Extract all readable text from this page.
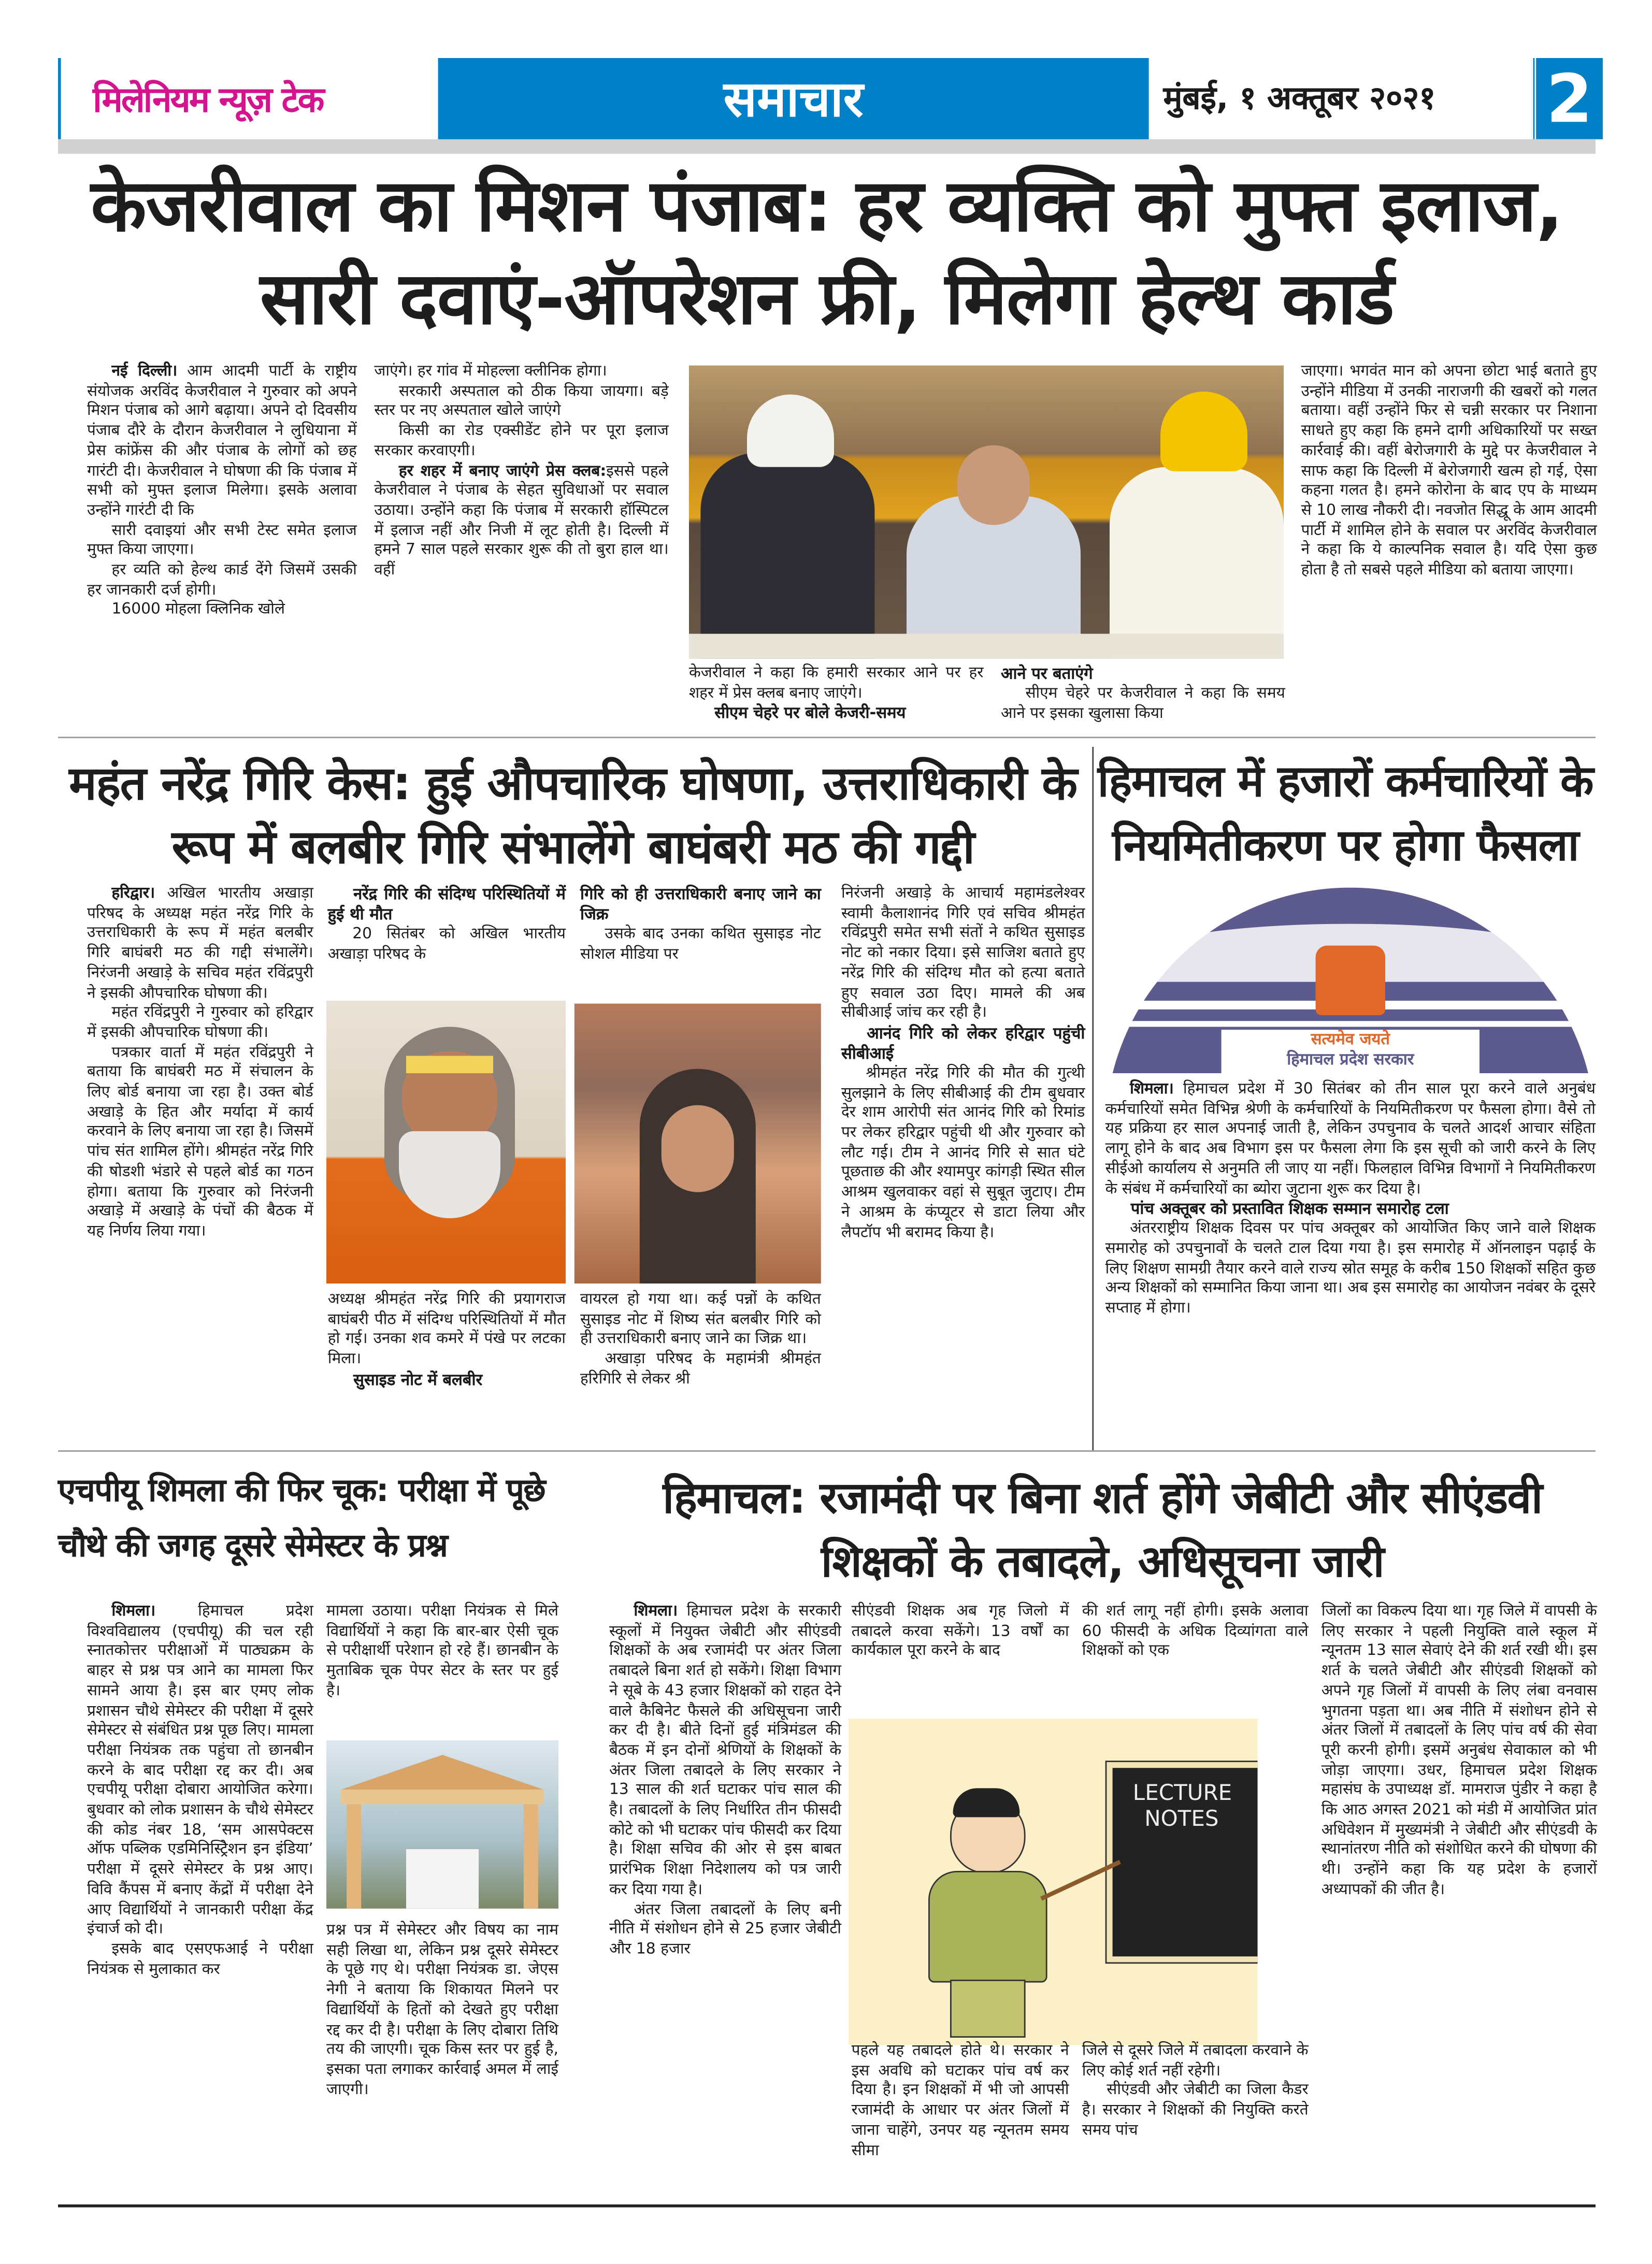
मिलेनियम न्यूज़ टेक	समाचार	मुंबई, १ अक्तूबर २०२१	2
केजरीवाल का मिशन पंजाब: हर व्यक्ति को मुफ्त इलाज,
सारी दवाएं-ऑपरेशन फ्री, मिलेगा हेल्थ कार्ड

नई दिल्ली। आम आदमी पार्टी के राष्ट्रीय संयोजक अरविंद केजरीवाल ने गुरुवार को अपने मिशन पंजाब को आगे बढ़ाया। अपने दो दिवसीय पंजाब दौरे के दौरान केजरीवाल ने लुधियाना में प्रेस कांफ्रेंस की और पंजाब के लोगों को छह गारंटी दी। केजरीवाल ने घोषणा की कि पंजाब में सभी को मुफ्त इलाज मिलेगा। इसके अलावा उन्होंने गारंटी दी कि

सारी दवाइयां और सभी टेस्ट समेत इलाज मुफ्त किया जाएगा।

हर व्यति को हेल्थ कार्ड देंगे जिसमें उसकी हर जानकारी दर्ज होगी।

16000 मोहला क्लिनिक खोले

जाएंगे। हर गांव में मोहल्ला क्लीनिक होगा।

सरकारी अस्पताल को ठीक किया जायगा। बड़े स्तर पर नए अस्पताल खोले जाएंगे

किसी का रोड एक्सीडेंट होने पर पूरा इलाज सरकार करवाएगी।

हर शहर में बनाए जाएंगे प्रेस क्लब:इससे पहले केजरीवाल ने पंजाब के सेहत सुविधाओं पर सवाल उठाया। उन्होंने कहा कि पंजाब में सरकारी हॉस्पिटल में इलाज नहीं और निजी में लूट होती है। दिल्ली में हमने 7 साल पहले सरकार शुरू की तो बुरा हाल था। वहीं

केजरीवाल ने कहा कि हमारी सरकार आने पर हर शहर में प्रेस क्लब बनाए जाएंगे।

सीएम चेहरे पर बोले केजरी-समय
आने पर बताएंगे

सीएम चेहरे पर केजरीवाल ने कहा कि समय आने पर इसका खुलासा किया

जाएगा। भगवंत मान को अपना छोटा भाई बताते हुए उन्होंने मीडिया में उनकी नाराजगी की खबरों को गलत बताया। वहीं उन्होंने फिर से चन्नी सरकार पर निशाना साधते हुए कहा कि हमने दागी अधिकारियों पर सख्त कार्रवाई की। वहीं बेरोजगारी के मुद्दे पर केजरीवाल ने साफ कहा कि दिल्ली में बेरोजगारी खत्म हो गई, ऐसा कहना गलत है। हमने कोरोना के बाद एप के माध्यम से 10 लाख नौकरी दी। नवजोत सिद्धू के आम आदमी पार्टी में शामिल होने के सवाल पर अरविंद केजरीवाल ने कहा कि ये काल्पनिक सवाल है। यदि ऐसा कुछ होता है तो सबसे पहले मीडिया को बताया जाएगा।

महंत नरेंद्र गिरि केस: हुई औपचारिक घोषणा, उत्तराधिकारी के रूप में बलबीर गिरि संभालेंगे बाघंबरी मठ की गद्दी

हरिद्वार। अखिल भारतीय अखाड़ा परिषद के अध्यक्ष महंत नरेंद्र गिरि के उत्तराधिकारी के रूप में महंत बलबीर गिरि बाघंबरी मठ की गद्दी संभालेंगे। निरंजनी अखाड़े के सचिव महंत रविंद्रपुरी ने इसकी औपचारिक घोषणा की।

महंत रविंद्रपुरी ने गुरुवार को हरिद्वार में इसकी औपचारिक घोषणा की।

पत्रकार वार्ता में महंत रविंद्रपुरी ने बताया कि बाघंबरी मठ में संचालन के लिए बोर्ड बनाया जा रहा है। उक्त बोर्ड अखाड़े के हित और मर्यादा में कार्य करवाने के लिए बनाया जा रहा है। जिसमें पांच संत शामिल होंगे। श्रीमहंत नरेंद्र गिरि की षोडशी भंडारे से पहले बोर्ड का गठन होगा। बताया कि गुरुवार को निरंजनी अखाड़े में अखाड़े के पंचों की बैठक में यह निर्णय लिया गया।

नरेंद्र गिरि की संदिग्ध परिस्थितियों में हुई थी मौत

20 सितंबर को अखिल भारतीय अखाड़ा परिषद के

अध्यक्ष श्रीमहंत नरेंद्र गिरि की प्रयागराज बाघंबरी पीठ में संदिग्ध परिस्थितियों में मौत हो गई। उनका शव कमरे में पंखे पर लटका मिला।

सुसाइड नोट में बलबीर
गिरि को ही उत्तराधिकारी बनाए जाने का जिक्र

उसके बाद उनका कथित सुसाइड नोट सोशल मीडिया पर

वायरल हो गया था। कई पन्नों के कथित सुसाइड नोट में शिष्य संत बलबीर गिरि को ही उत्तराधिकारी बनाए जाने का जिक्र था।

अखाड़ा परिषद के महामंत्री श्रीमहंत हरिगिरि से लेकर श्री

निरंजनी अखाड़े के आचार्य महामंडलेश्वर स्वामी कैलाशानंद गिरि एवं सचिव श्रीमहंत रविंद्रपुरी समेत सभी संतों ने कथित सुसाइड नोट को नकार दिया। इसे साजिश बताते हुए नरेंद्र गिरि की संदिग्ध मौत को हत्या बताते हुए सवाल उठा दिए। मामले की अब सीबीआई जांच कर रही है।

आनंद गिरि को लेकर हरिद्वार पहुंची सीबीआई

श्रीमहंत नरेंद्र गिरि की मौत की गुत्थी सुलझाने के लिए सीबीआई की टीम बुधवार देर शाम आरोपी संत आनंद गिरि को रिमांड पर लेकर हरिद्वार पहुंची थी और गुरुवार को लौट गई। टीम ने आनंद गिरि से सात घंटे पूछताछ की और श्यामपुर कांगड़ी स्थित सील आश्रम खुलवाकर वहां से सुबूत जुटाए। टीम ने आश्रम के कंप्यूटर से डाटा लिया और लैपटॉप भी बरामद किया है।

हिमाचल में हजारों कर्मचारियों के नियमितीकरण पर होगा फैसला
सत्यमेव जयते
हिमाचल प्रदेश सरकार

शिमला। हिमाचल प्रदेश में 30 सितंबर को तीन साल पूरा करने वाले अनुबंध कर्मचारियों समेत विभिन्न श्रेणी के कर्मचारियों के नियमितीकरण पर फैसला होगा। वैसे तो यह प्रक्रिया हर साल अपनाई जाती है, लेकिन उपचुनाव के चलते आदर्श आचार संहिता लागू होने के बाद अब विभाग इस पर फैसला लेगा कि इस सूची को जारी करने के लिए सीईओ कार्यालय से अनुमति ली जाए या नहीं। फिलहाल विभिन्न विभागों ने नियमितीकरण के संबंध में कर्मचारियों का ब्योरा जुटाना शुरू कर दिया है।

पांच अक्तूबर को प्रस्तावित शिक्षक सम्मान समारोह टला

अंतरराष्ट्रीय शिक्षक दिवस पर पांच अक्तूबर को आयोजित किए जाने वाले शिक्षक समारोह को उपचुनावों के चलते टाल दिया गया है। इस समारोह में ऑनलाइन पढ़ाई के लिए शिक्षण सामग्री तैयार करने वाले राज्य स्रोत समूह के करीब 150 शिक्षकों सहित कुछ अन्य शिक्षकों को सम्मानित किया जाना था। अब इस समारोह का आयोजन नवंबर के दूसरे सप्ताह में होगा।

एचपीयू शिमला की फिर चूक: परीक्षा में पूछे चौथे की जगह दूसरे सेमेस्टर के प्रश्न

शिमला। हिमाचल प्रदेश विश्वविद्यालय (एचपीयू) की चल रही स्नातकोत्तर परीक्षाओं में पाठ्यक्रम के बाहर से प्रश्न पत्र आने का मामला फिर सामने आया है। इस बार एमए लोक प्रशासन चौथे सेमेस्टर की परीक्षा में दूसरे सेमेस्टर से संबंधित प्रश्न पूछ लिए। मामला परीक्षा नियंत्रक तक पहुंचा तो छानबीन करने के बाद परीक्षा रद्द कर दी। अब एचपीयू परीक्षा दोबारा आयोजित करेगा। बुधवार को लोक प्रशासन के चौथे सेमेस्टर की कोड नंबर 18, ‘सम आसपेक्टस ऑफ पब्लिक एडमिनिस्ट्रिेशन इन इंडिया’ परीक्षा में दूसरे सेमेस्टर के प्रश्न आए। विवि कैंपस में बनाए केंद्रों में परीक्षा देने आए विद्यार्थियों ने जानकारी परीक्षा केंद्र इंचार्ज को दी।

इसके बाद एसएफआई ने परीक्षा नियंत्रक से मुलाकात कर

मामला उठाया। परीक्षा नियंत्रक से मिले विद्यार्थियों ने कहा कि बार-बार ऐसी चूक से परीक्षार्थी परेशान हो रहे हैं। छानबीन के मुताबिक चूक पेपर सेटर के स्तर पर हुई है।

प्रश्न पत्र में सेमेस्टर और विषय का नाम सही लिखा था, लेकिन प्रश्न दूसरे सेमेस्टर के पूछे गए थे। परीक्षा नियंत्रक डा. जेएस नेगी ने बताया कि शिकायत मिलने पर विद्यार्थियों के हितों को देखते हुए परीक्षा रद्द कर दी है। परीक्षा के लिए दोबारा तिथि तय की जाएगी। चूक किस स्तर पर हुई है, इसका पता लगाकर कार्रवाई अमल में लाई जाएगी।

हिमाचल: रजामंदी पर बिना शर्त होंगे जेबीटी और सीएंडवी शिक्षकों के तबादले, अधिसूचना जारी

शिमला। हिमाचल प्रदेश के सरकारी स्कूलों में नियुक्त जेबीटी और सीएंडवी शिक्षकों के अब रजामंदी पर अंतर जिला तबादले बिना शर्त हो सकेंगे। शिक्षा विभाग ने सूबे के 43 हजार शिक्षकों को राहत देने वाले कैबिनेट फैसले की अधिसूचना जारी कर दी है। बीते दिनों हुई मंत्रिमंडल की बैठक में इन दोनों श्रेणियों के शिक्षकों के अंतर जिला तबादले के लिए सरकार ने 13 साल की शर्त घटाकर पांच साल की है। तबादलों के लिए निर्धारित तीन फीसदी कोटे को भी घटाकर पांच फीसदी कर दिया है। शिक्षा सचिव की ओर से इस बाबत प्रारंभिक शिक्षा निदेशालय को पत्र जारी कर दिया गया है।

अंतर जिला तबादलों के लिए बनी नीति में संशोधन होने से 25 हजार जेबीटी और 18 हजार

सीएंडवी शिक्षक अब गृह जिलो में तबादले करवा सकेंगे। 13 वर्षों का कार्यकाल पूरा करने के बाद

की शर्त लागू नहीं होगी। इसके अलावा 60 फीसदी के अधिक दिव्यांगता वाले शिक्षकों को एक

LECTURE
NOTES

पहले यह तबादले होते थे। सरकार ने इस अवधि को घटाकर पांच वर्ष कर दिया है। इन शिक्षकों में भी जो आपसी रजामंदी के आधार पर अंतर जिलों में जाना चाहेंगे, उनपर यह न्यूनतम समय सीमा

जिले से दूसरे जिले में तबादला करवाने के लिए कोई शर्त नहीं रहेगी।

सीएंडवी और जेबीटी का जिला कैडर है। सरकार ने शिक्षकों की नियुक्ति करते समय पांच

जिलों का विकल्प दिया था। गृह जिले में वापसी के लिए सरकार ने पहली नियुक्ति वाले स्कूल में न्यूनतम 13 साल सेवाएं देने की शर्त रखी थी। इस शर्त के चलते जेबीटी और सीएंडवी शिक्षकों को अपने गृह जिलों में वापसी के लिए लंबा वनवास भुगतना पड़ता था। अब नीति में संशोधन होने से अंतर जिलों में तबादलों के लिए पांच वर्ष की सेवा पूरी करनी होगी। इसमें अनुबंध सेवाकाल को भी जोड़ा जाएगा। उधर, हिमाचल प्रदेश शिक्षक महासंघ के उपाध्यक्ष डॉ. मामराज पुंडीर ने कहा है कि आठ अगस्त 2021 को मंडी में आयोजित प्रांत अधिवेशन में मुख्यमंत्री ने जेबीटी और सीएंडवी के स्थानांतरण नीति को संशोधित करने की घोषणा की थी। उन्होंने कहा कि यह प्रदेश के हजारों अध्यापकों की जीत है।
